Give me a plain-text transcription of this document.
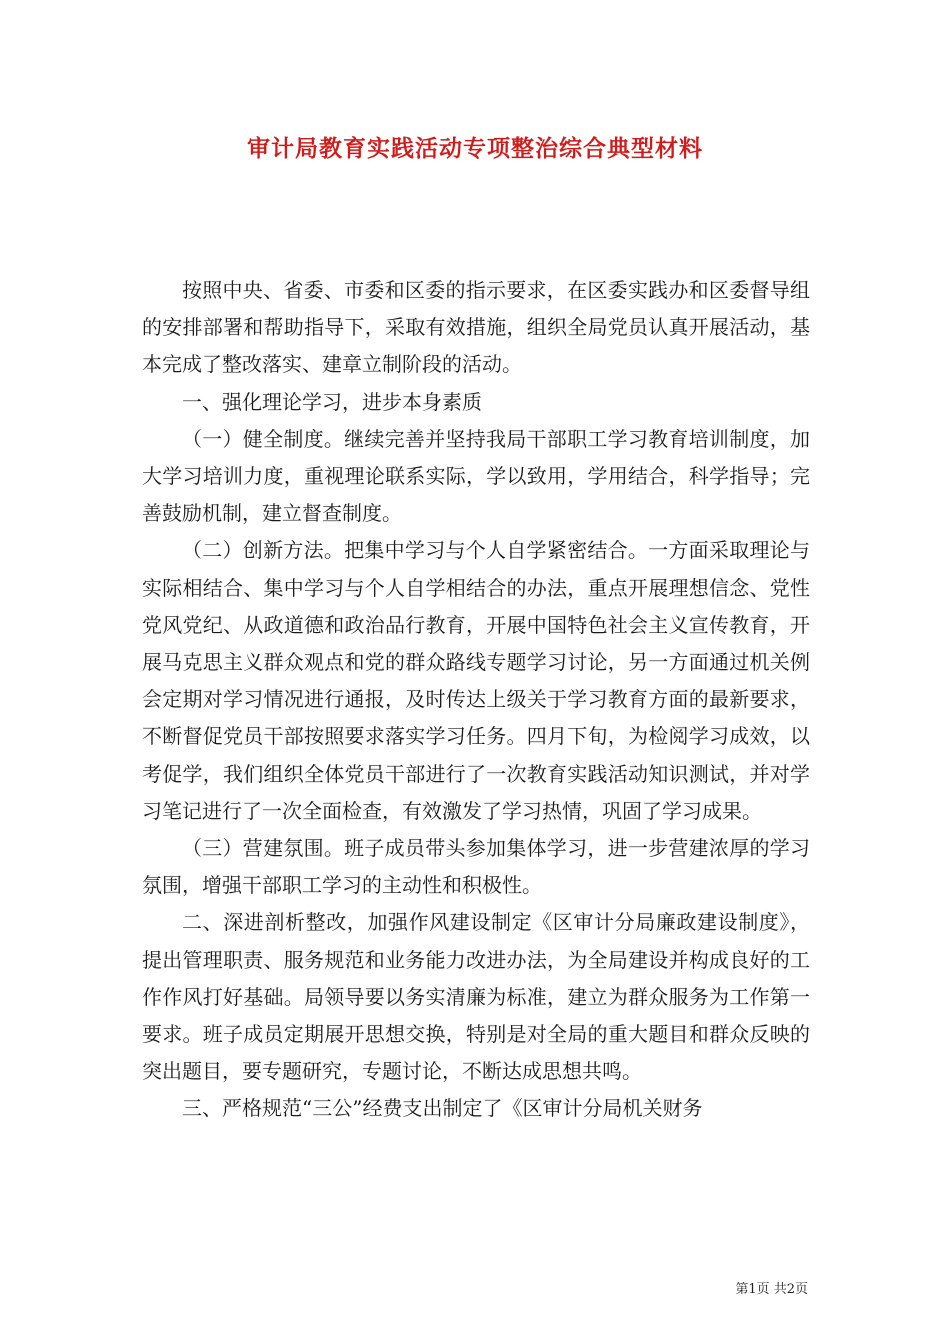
审计局教育实践活动专项整治综合典型材料

按照中央、省委、市委和区委的指示要求，在区委实践办和区委督导组的安排部署和帮助指导下，采取有效措施，组织全局党员认真开展活动，基本完成了整改落实、建章立制阶段的活动。

一、强化理论学习，进步本身素质

（一）健全制度。继续完善并坚持我局干部职工学习教育培训制度，加大学习培训力度，重视理论联系实际，学以致用，学用结合，科学指导；完善鼓励机制，建立督查制度。

（二）创新方法。把集中学习与个人自学紧密结合。一方面采取理论与实际相结合、集中学习与个人自学相结合的办法，重点开展理想信念、党性党风党纪、从政道德和政治品行教育，开展中国特色社会主义宣传教育，开展马克思主义群众观点和党的群众路线专题学习讨论，另一方面通过机关例会定期对学习情况进行通报，及时传达上级关于学习教育方面的最新要求，不断督促党员干部按照要求落实学习任务。四月下旬，为检阅学习成效，以考促学，我们组织全体党员干部进行了一次教育实践活动知识测试，并对学习笔记进行了一次全面检查，有效激发了学习热情，巩固了学习成果。

（三）营建氛围。班子成员带头参加集体学习，进一步营建浓厚的学习氛围，增强干部职工学习的主动性和积极性。

二、深进剖析整改，加强作风建设制定《区审计分局廉政建设制度》，提出管理职责、服务规范和业务能力改进办法，为全局建设并构成良好的工作作风打好基础。局领导要以务实清廉为标准，建立为群众服务为工作第一要求。班子成员定期展开思想交换，特别是对全局的重大题目和群众反映的突出题目，要专题研究，专题讨论，不断达成思想共鸣。

三、严格规范“三公”经费支出制定了《区审计分局机关财务

第1页 共2页
